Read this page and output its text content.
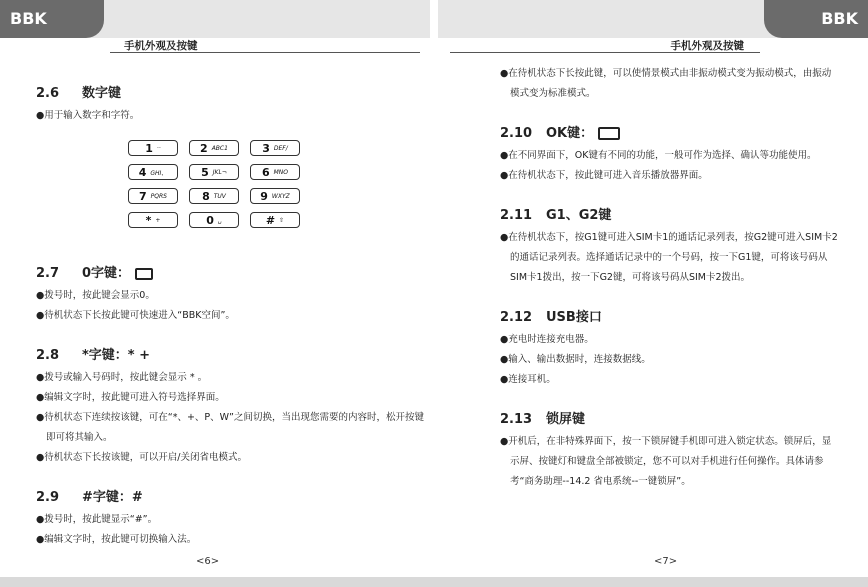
BBK K302
BBK K302
手机外观及按键	手机外观及按键

2.6 数字键

● 用于输入数字和字符。

1 ··	2 ABC1	3 DEF/
4 GHI、	5 JKL¬	6 MNO
7 PQRS	8 TUV	9 WXYZ
* +	0 ␣	# ⇧

2.7 0字键：

● 拨号时，按此键会显示0。

● 待机状态下长按此键可快速进入“BBK空间”。

2.8 *字键：* +

● 拨号或输入号码时，按此键会显示 * 。

● 编辑文字时，按此键可进入符号选择界面。

● 待机状态下连续按该键，可在“*、+、P、W”之间切换，当出现您需要的内容时，松开按键即可将其输入。

● 待机状态下长按该键，可以开启/关闭省电模式。

2.9 #字键：#

● 拨号时，按此键显示“#”。

● 编辑文字时，按此键可切换输入法。

● 在待机状态下长按此键，可以使情景模式由非振动模式变为振动模式，由振动模式变为标准模式。

2.10 OK键：

● 在不同界面下，OK键有不同的功能，一般可作为选择、确认等功能使用。

● 在待机状态下，按此键可进入音乐播放器界面。

2.11 G1、G2键

● 在待机状态下，按G1键可进入SIM卡1的通话记录列表，按G2键可进入SIM卡2的通话记录列表。选择通话记录中的一个号码，按一下G1键，可将该号码从SIM卡1拨出，按一下G2键，可将该号码从SIM卡2拨出。

2.12 USB接口

● 充电时连接充电器。

● 输入、输出数据时，连接数据线。

● 连接耳机。

2.13 锁屏键

● 开机后，在非特殊界面下，按一下锁屏键手机即可进入锁定状态。锁屏后，显示屏、按键灯和键盘全部被锁定，您不可以对手机进行任何操作。具体请参考“商务助理--14.2 省电系统--一键锁屏”。

<6>	<7>
